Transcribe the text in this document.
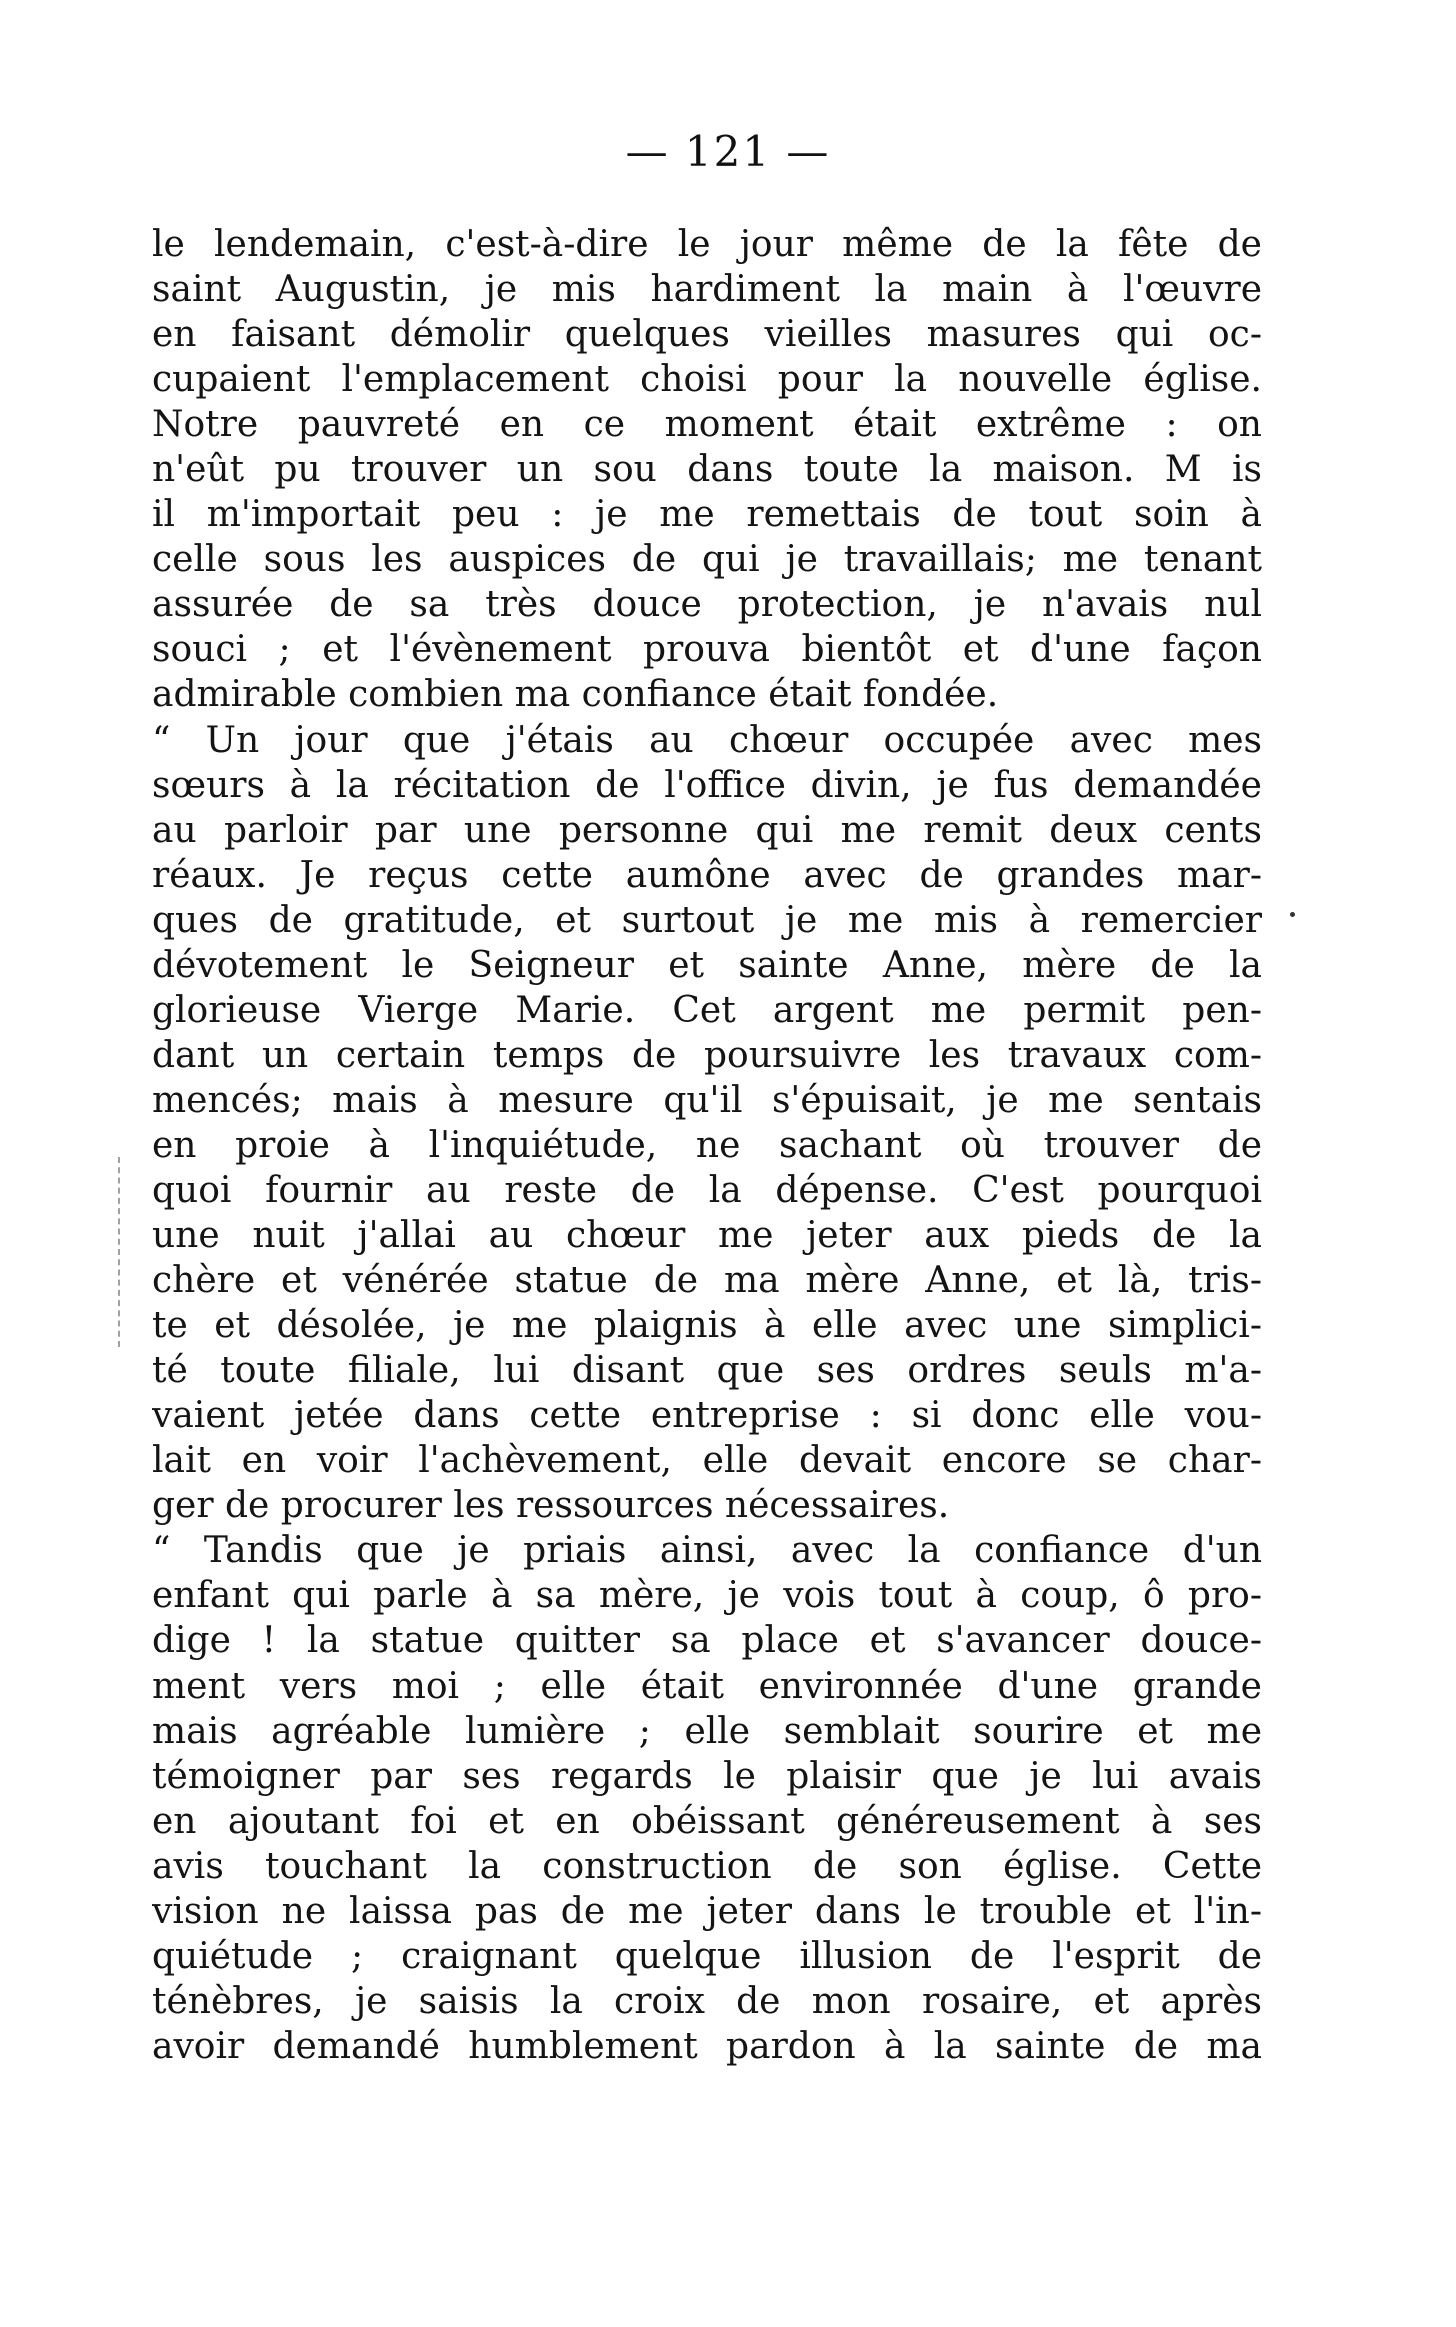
— 121 —
le lendemain, c'est-à-dire le jour même de la fête de
saint Augustin, je mis hardiment la main à l'œuvre
en faisant démolir quelques vieilles masures qui oc-
cupaient l'emplacement choisi pour la nouvelle église.
Notre pauvreté en ce moment était extrême : on
n'eût pu trouver un sou dans toute la maison. M is
il m'importait peu : je me remettais de tout soin à
celle sous les auspices de qui je travaillais; me tenant
assurée de sa très douce protection, je n'avais nul
souci ; et l'évènement prouva bientôt et d'une façon
admirable combien ma confiance était fondée.
“ Un jour que j'étais au chœur occupée avec mes
sœurs à la récitation de l'office divin, je fus demandée
au parloir par une personne qui me remit deux cents
réaux. Je reçus cette aumône avec de grandes mar-
ques de gratitude, et surtout je me mis à remercier
dévotement le Seigneur et sainte Anne, mère de la
glorieuse Vierge Marie. Cet argent me permit pen-
dant un certain temps de poursuivre les travaux com-
mencés; mais à mesure qu'il s'épuisait, je me sentais
en proie à l'inquiétude, ne sachant où trouver de
quoi fournir au reste de la dépense. C'est pourquoi
une nuit j'allai au chœur me jeter aux pieds de la
chère et vénérée statue de ma mère Anne, et là, tris-
te et désolée, je me plaignis à elle avec une simplici-
té toute filiale, lui disant que ses ordres seuls m'a-
vaient jetée dans cette entreprise : si donc elle vou-
lait en voir l'achèvement, elle devait encore se char-
ger de procurer les ressources nécessaires.
“ Tandis que je priais ainsi, avec la confiance d'un
enfant qui parle à sa mère, je vois tout à coup, ô pro-
dige ! la statue quitter sa place et s'avancer douce-
ment vers moi ; elle était environnée d'une grande
mais agréable lumière ; elle semblait sourire et me
témoigner par ses regards le plaisir que je lui avais
en ajoutant foi et en obéissant généreusement à ses
avis touchant la construction de son église. Cette
vision ne laissa pas de me jeter dans le trouble et l'in-
quiétude ; craignant quelque illusion de l'esprit de
ténèbres, je saisis la croix de mon rosaire, et après
avoir demandé humblement pardon à la sainte de ma
